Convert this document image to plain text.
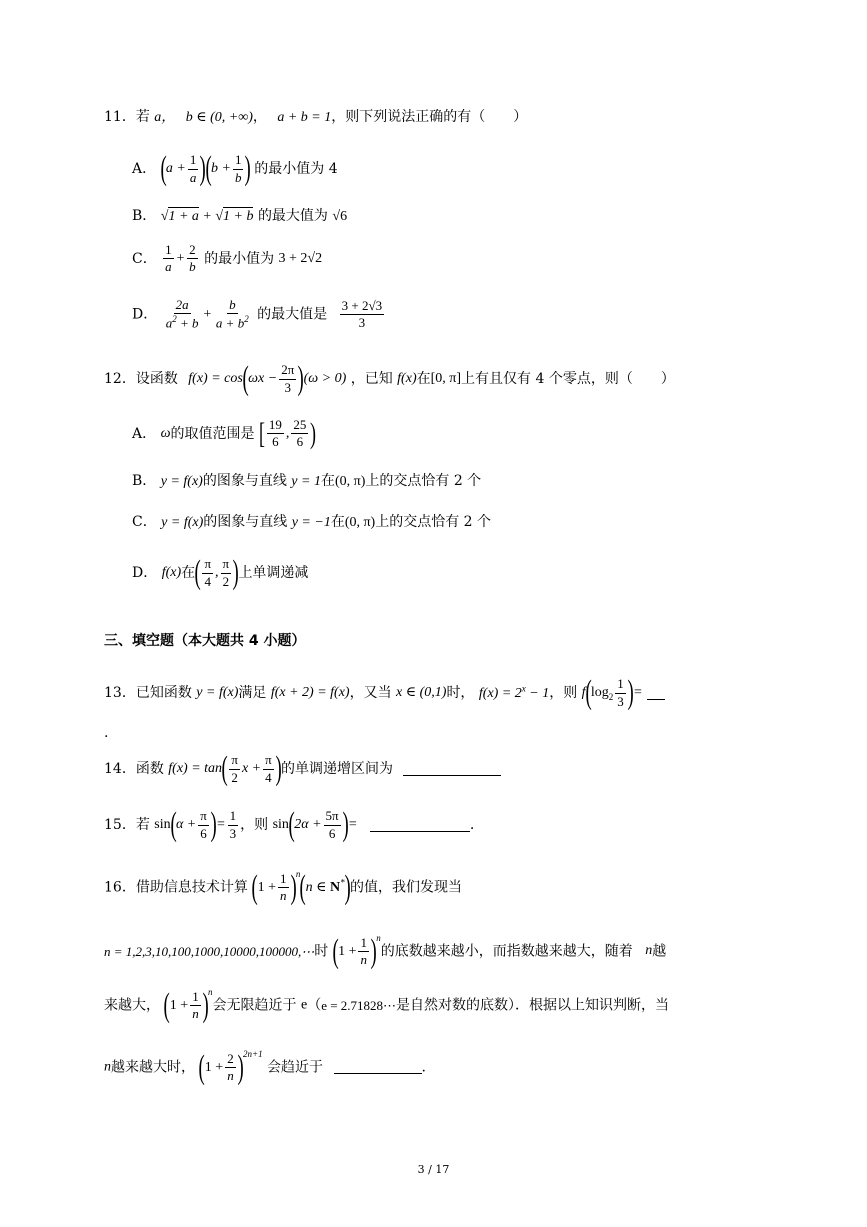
11．若 a， b ∈ (0, +∞)， a + b = 1，则下列说法正确的有（　　）
A． $(a + \frac{1}{a} )(b + \frac{1}{b}$ ) 的最小值为 4
B． √1 + a + √1 + b 的最大值为 √6
C． $\frac{1}{a} + \frac{2}{b}$ 的最小值为 3 + 2√2
D． $\frac{2a}{a^2 + b} + \frac{b}{a + b^2}$ 的最大值是 $\frac{3 + 2√3}{3}$
12．设函数 $f(x) = \cos(\omega x - \frac{2\pi}{3} )(\omega > 0)$ ，已知 f(x)在[0, π]上有且仅有 4 个零点，则（　　）
A． ω的取值范围是 [ $\frac{19}{6}$ , $\frac{25}{6}$ )
B． y = f(x)的图象与直线 y = 1在(0, π)上的交点恰有 2 个
C． y = f(x)的图象与直线 y = −1在(0, π)上的交点恰有 2 个
D． f(x)在( $\frac{\pi}{4}$ , $\frac{\pi}{2}$ )上单调递减
三、填空题（本大题共 4 小题）
13．已知函数 y = f(x)满足 f(x + 2) = f(x)，又当 x ∈ (0,1)时， $f(x) = 2^x - 1$，则 $f(\log_2 \frac{1}{3}$ )=
.
14．函数 $f(x) = \tan( \frac{\pi}{2}$ $x + \frac{\pi}{4}$ )的单调递增区间为
15．若 $\sin(\alpha + \frac{\pi}{6}$ )= $\frac{1}{3}$ ，则 $\sin(2\alpha + \frac{5\pi}{6}$ )=	.
16．借助信息技术计算 $(1 + \frac{1}{n} )^n(n$ ∈ N*)的值，我们发现当
n = 1,2,3,10,100,1000,10000,100000,⋯时 $(1 + \frac{1}{n} )^n$的底数越来越小，而指数越来越大，随着 n越
来越大， $(1 + \frac{1}{n} )^n$会无限趋近于 e（e = 2.71828⋯是自然对数的底数）．根据以上知识判断，当
n越来越大时， $(1 + \frac{2}{n} )^{2n+1}$ 会趋近于	.
3 / 17
